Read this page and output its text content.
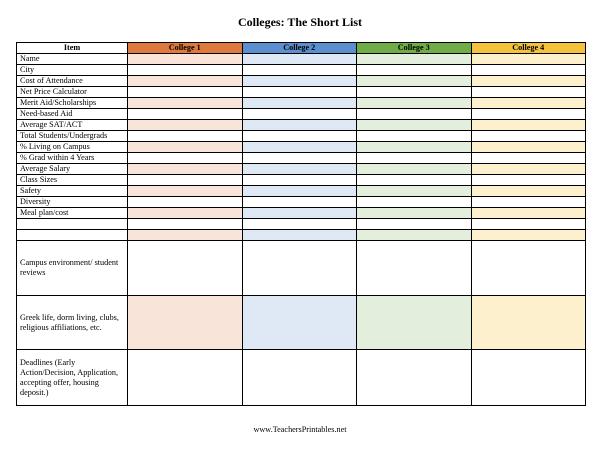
Colleges: The Short List
Item	College 1	College 2	College 3	College 4
Name				
City				
Cost of Attendance				
Net Price Calculator				
Merit Aid/Scholarships				
Need-based Aid				
Average SAT/ACT				
Total Students/Undergrads				
% Living on Campus				
% Grad within 4 Years				
Average Salary				
Class Sizes				
Safety				
Diversity				
Meal plan/cost				

Campus environment/ student reviews				
Greek life, dorm living, clubs, religious affiliations, etc.				
Deadlines (Early Action/Decision, Application, accepting offer, housing deposit.)				
www.TeachersPrintables.net
